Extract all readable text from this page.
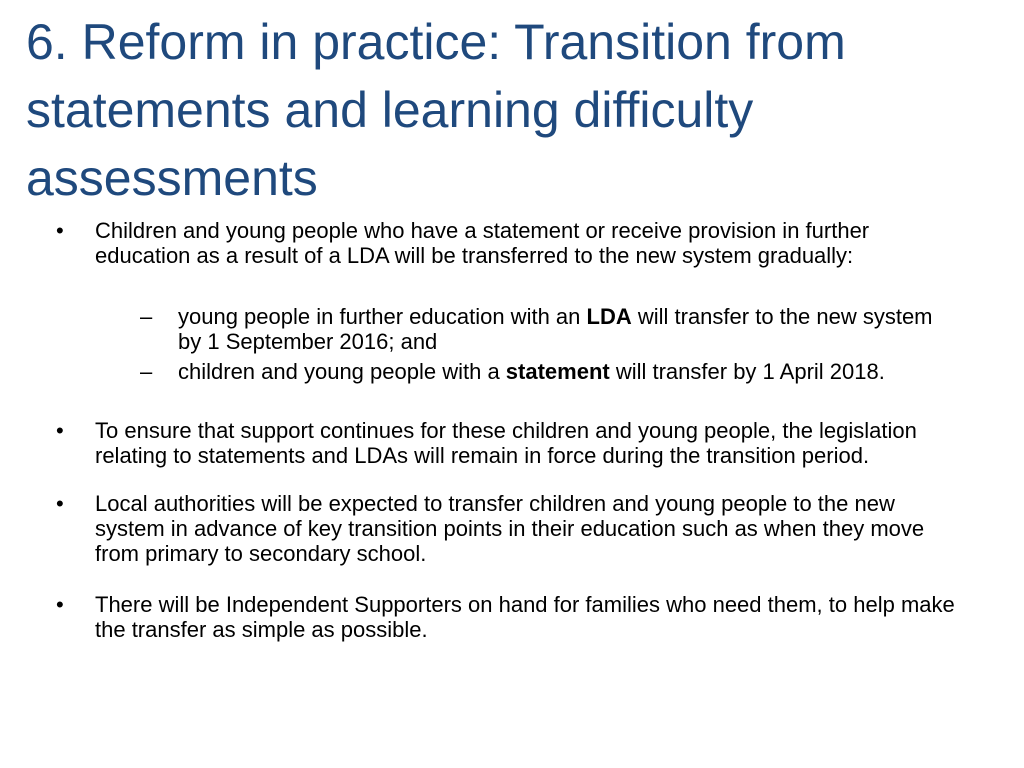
6. Reform in practice: Transition from statements and learning difficulty assessments
•	Children and young people who have a statement or receive provision in further education as a result of a LDA will be transferred to the new system gradually:
–	young people in further education with an LDA will transfer to the new system by 1 September 2016; and
–	children and young people with a statement will transfer by 1 April 2018.
•	To ensure that support continues for these children and young people, the legislation relating to statements and LDAs will remain in force during the transition period.
•	Local authorities will be expected to transfer children and young people to the new system in advance of key transition points in their education such as when they move from primary to secondary school.
•	There will be Independent Supporters on hand for families who need them, to help make the transfer as simple as possible.
